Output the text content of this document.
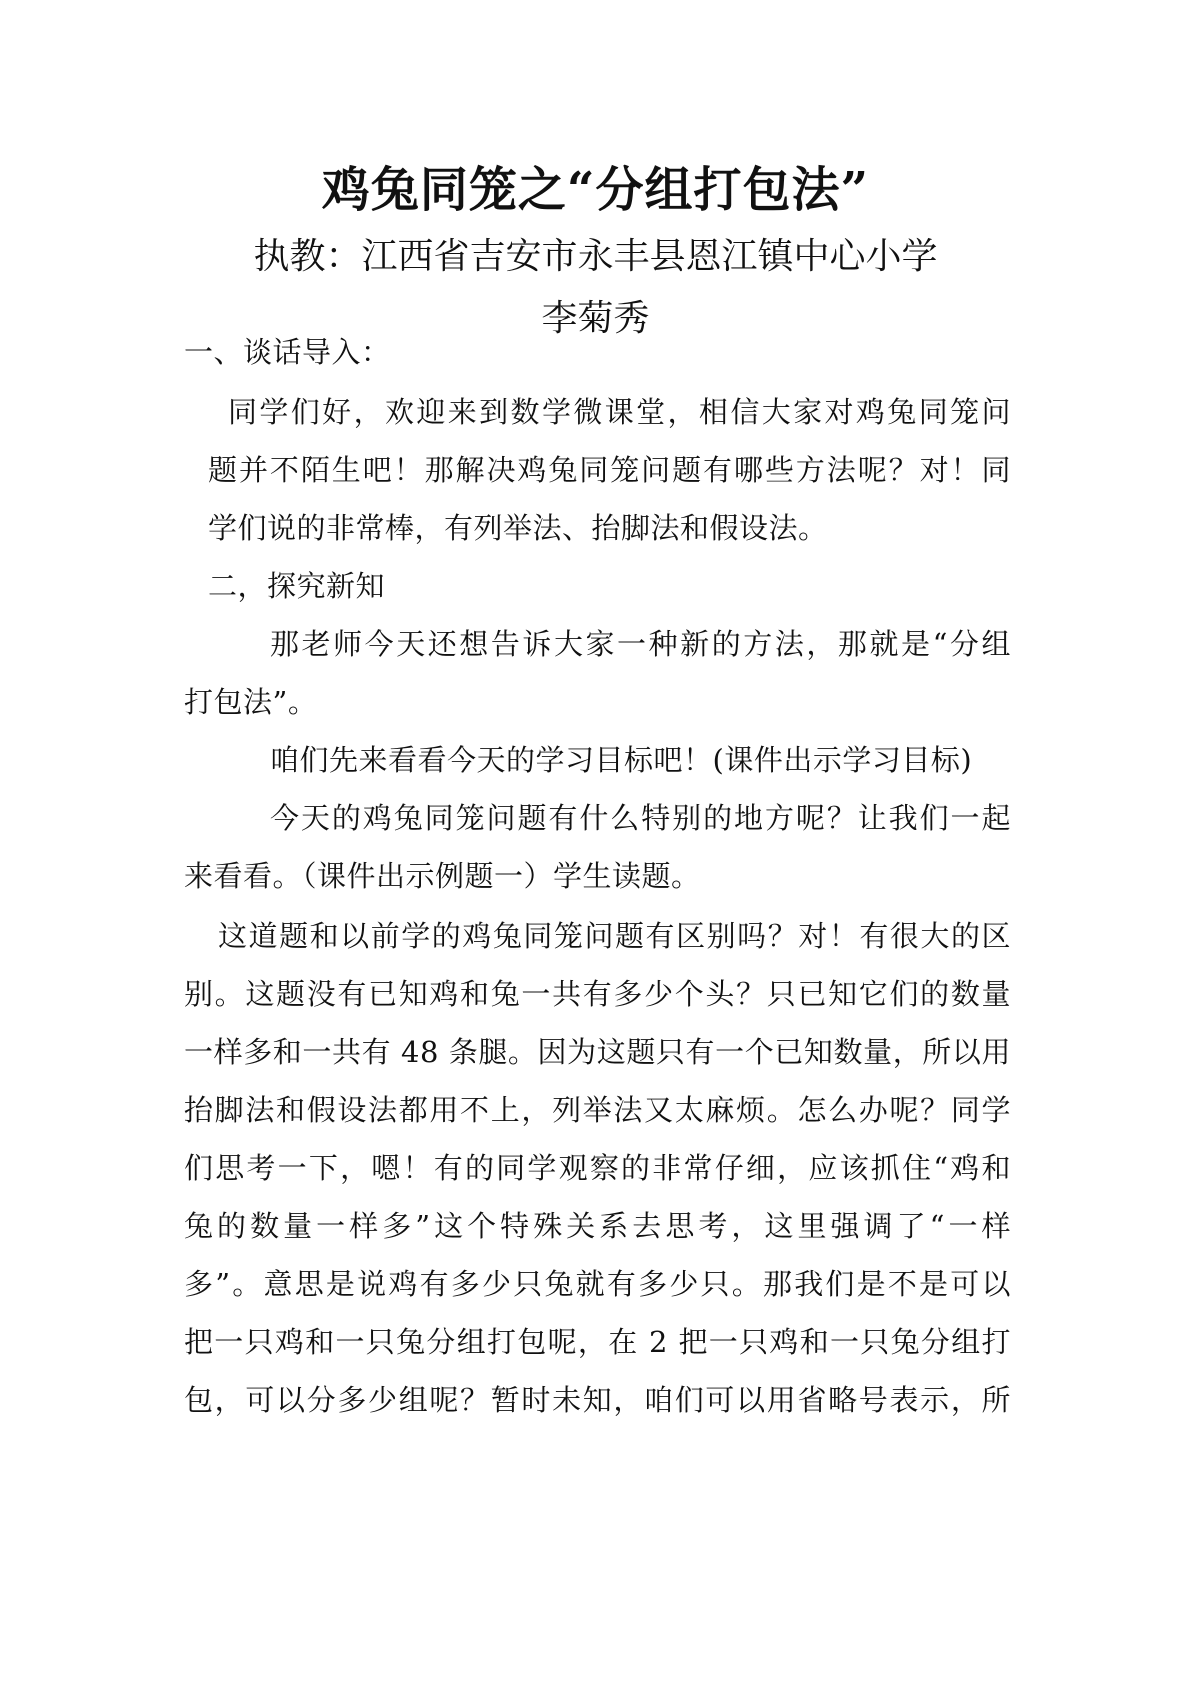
鸡兔同笼之“分组打包法”
执教：江西省吉安市永丰县恩江镇中心小学
李菊秀
一、谈话导入：
同学们好，欢迎来到数学微课堂，相信大家对鸡兔同笼问
题并不陌生吧！那解决鸡兔同笼问题有哪些方法呢？对！同
学们说的非常棒，有列举法、抬脚法和假设法。
二，探究新知
那老师今天还想告诉大家一种新的方法，那就是“分组
打包法”。
咱们先来看看今天的学习目标吧！(课件出示学习目标)
今天的鸡兔同笼问题有什么特别的地方呢？让我们一起
来看看。（课件出示例题一）学生读题。
这道题和以前学的鸡兔同笼问题有区别吗？对！有很大的区
别。这题没有已知鸡和兔一共有多少个头？只已知它们的数量
一样多和一共有 48 条腿。因为这题只有一个已知数量，所以用
抬脚法和假设法都用不上，列举法又太麻烦。怎么办呢？同学
们思考一下，嗯！有的同学观察的非常仔细，应该抓住“鸡和
兔的数量一样多”这个特殊关系去思考，这里强调了“一样
多”。意思是说鸡有多少只兔就有多少只。那我们是不是可以
把一只鸡和一只兔分组打包呢，在 2 把一只鸡和一只兔分组打
包，可以分多少组呢？暂时未知，咱们可以用省略号表示，所
